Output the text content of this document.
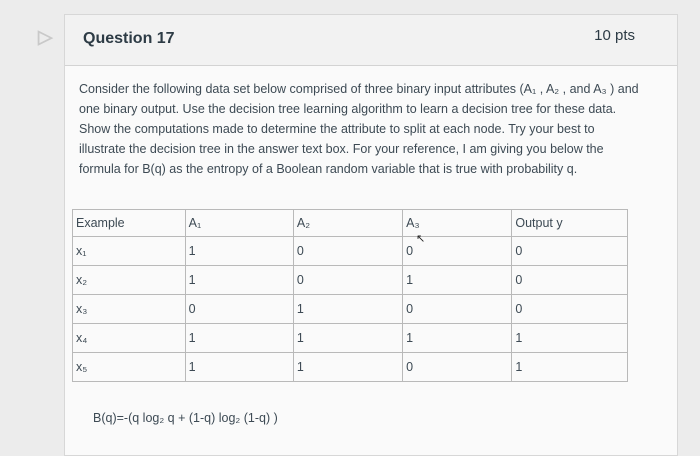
▷	Question 17	10 pts
Consider the following data set below comprised of three binary input attributes (A₁ , A₂ , and A₃ ) and one binary output. Use the decision tree learning algorithm to learn a decision tree for these data. Show the computations made to determine the attribute to split at each node. Try your best to illustrate the decision tree in the answer text box. For your reference, I am giving you below the formula for B(q) as the entropy of a Boolean random variable that is true with probability q.
Example	A₁	A₂	A₃	Output y
x₁	1	0	0	0
x₂	1	0	1	0
x₃	0	1	0	0
x₄	1	1	1	1
x₅	1	1	0	1
B(q)=-(q log₂ q + (1-q) log₂ (1-q) )
↖
